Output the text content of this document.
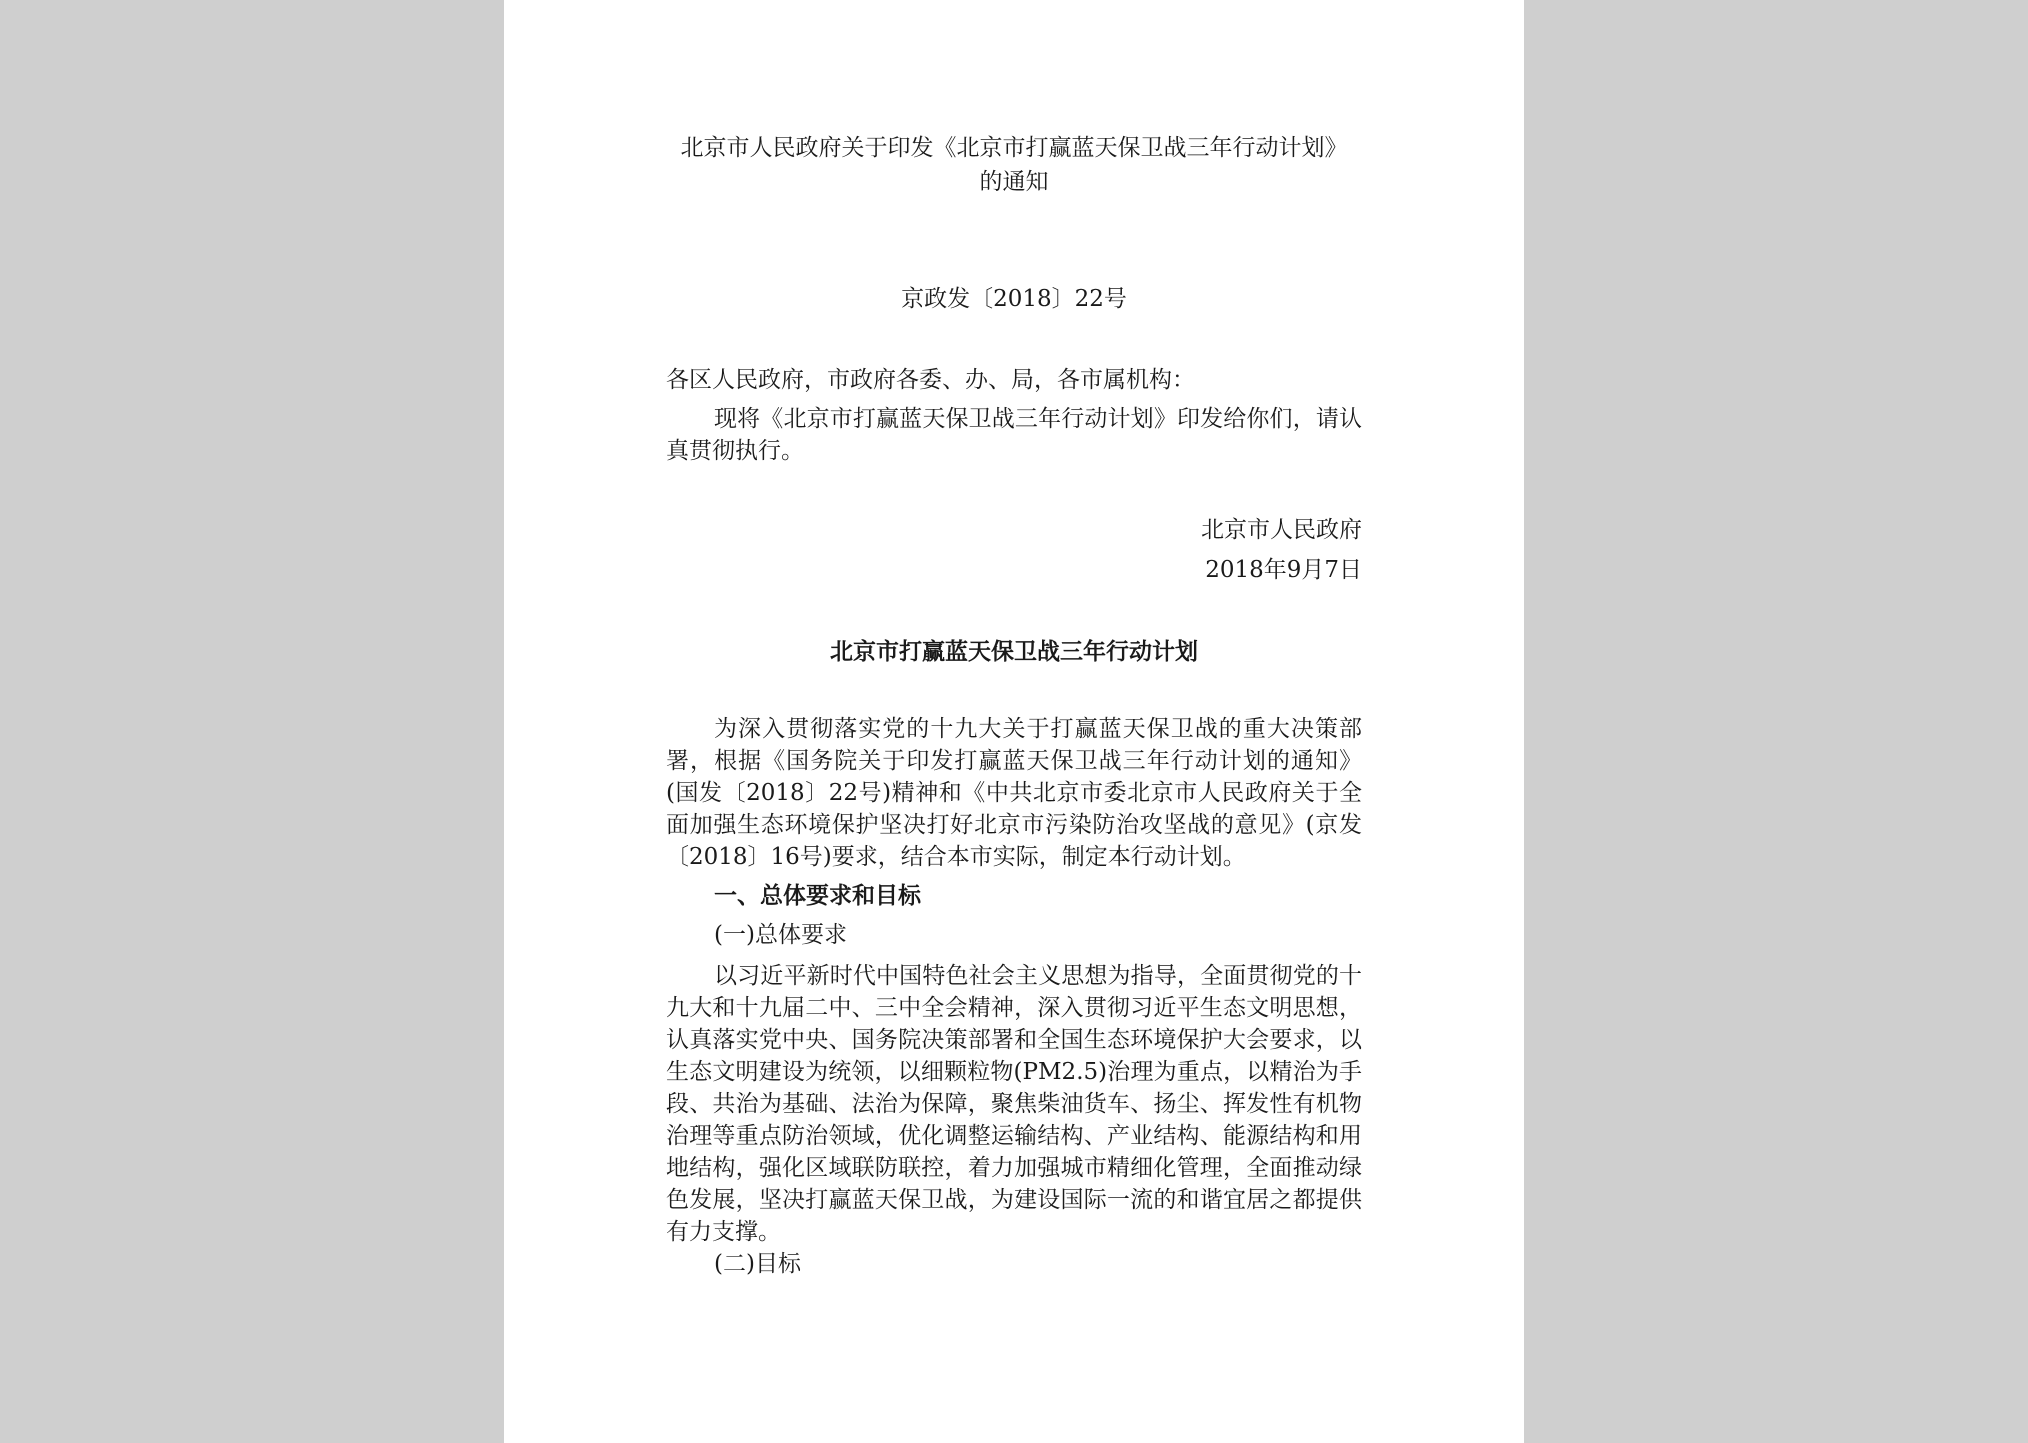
北京市人民政府关于印发《北京市打赢蓝天保卫战三年行动计划》
的通知
京政发〔2018〕22号
各区人民政府，市政府各委、办、局，各市属机构：
现将《北京市打赢蓝天保卫战三年行动计划》印发给你们，请认真贯彻执行。
北京市人民政府
2018年9月7日
北京市打赢蓝天保卫战三年行动计划
为深入贯彻落实党的十九大关于打赢蓝天保卫战的重大决策部署，根据《国务院关于印发打赢蓝天保卫战三年行动计划的通知》(国发〔2018〕22号)精神和《中共北京市委北京市人民政府关于全面加强生态环境保护坚决打好北京市污染防治攻坚战的意见》(京发〔2018〕16号)要求，结合本市实际，制定本行动计划。
一、总体要求和目标
(一)总体要求
以习近平新时代中国特色社会主义思想为指导，全面贯彻党的十九大和十九届二中、三中全会精神，深入贯彻习近平生态文明思想，认真落实党中央、国务院决策部署和全国生态环境保护大会要求，以生态文明建设为统领，以细颗粒物(PM2.5)治理为重点，以精治为手段、共治为基础、法治为保障，聚焦柴油货车、扬尘、挥发性有机物治理等重点防治领域，优化调整运输结构、产业结构、能源结构和用地结构，强化区域联防联控，着力加强城市精细化管理，全面推动绿色发展，坚决打赢蓝天保卫战，为建设国际一流的和谐宜居之都提供有力支撑。
(二)目标
